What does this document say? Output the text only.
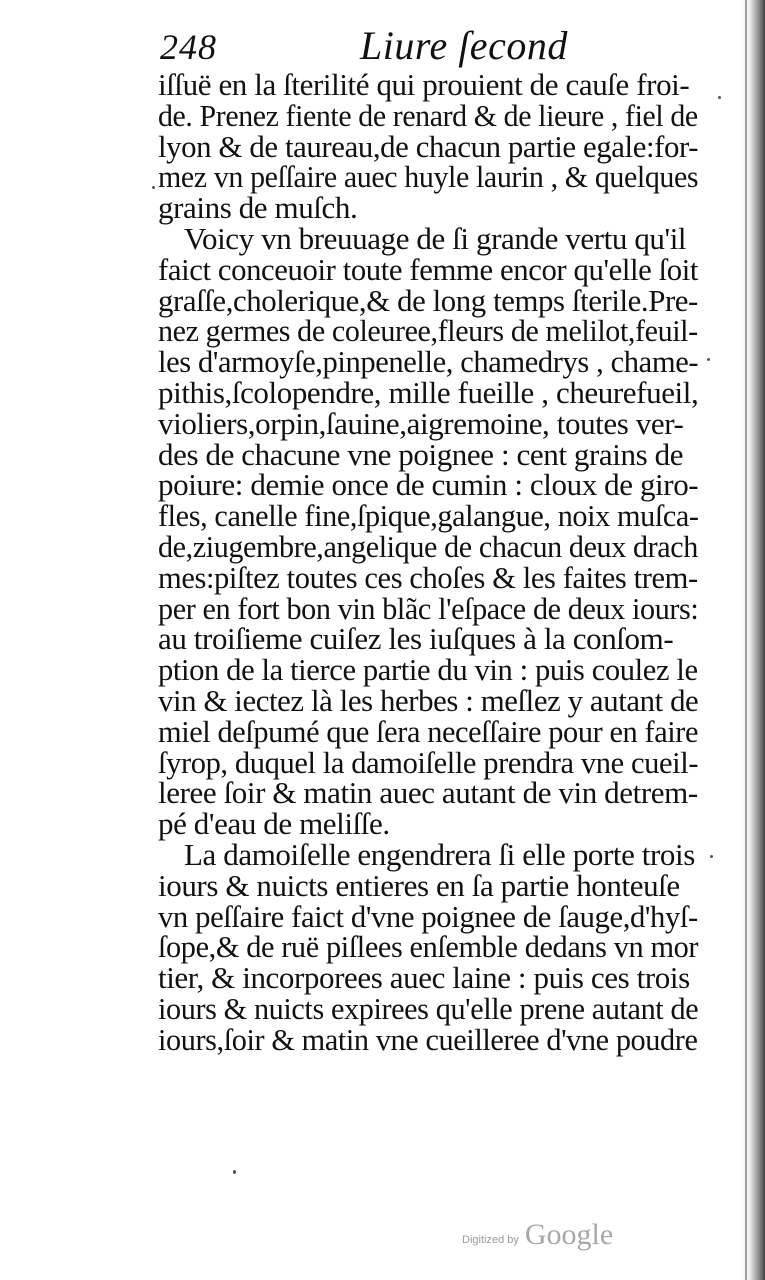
248	Liure ſecond
iſſuë en la ſterilité qui prouient de cauſe froi-
de. Prenez fiente de renard & de lieure , fiel de
lyon & de taureau,de chacun partie egale:for-
mez vn peſſaire auec huyle laurin , & quelques
grains de muſch.
Voicy vn breuuage de ſi grande vertu qu'il
faict conceuoir toute femme encor qu'elle ſoit
graſſe,cholerique,& de long temps ſterile.Pre-
nez germes de coleuree,fleurs de melilot,feuil-
les d'armoyſe,pinpenelle, chamedrys , chame-
pithis,ſcolopendre, mille fueille , cheurefueil,
violiers,orpin,ſauine,aigremoine, toutes ver-
des de chacune vne poignee : cent grains de
poiure: demie once de cumin : cloux de giro-
fles, canelle fine,ſpique,galangue, noix muſca-
de,ziugembre,angelique de chacun deux drach
mes:piſtez toutes ces choſes & les faites trem-
per en fort bon vin blãc l'eſpace de deux iours:
au troiſieme cuiſez les iuſques à la conſom-
ption de la tierce partie du vin : puis coulez le
vin & iectez là les herbes : meſlez y autant de
miel deſpumé que ſera neceſſaire pour en faire
ſyrop, duquel la damoiſelle prendra vne cueil-
leree ſoir & matin auec autant de vin detrem-
pé d'eau de meliſſe.
La damoiſelle engendrera ſi elle porte trois
iours & nuicts entieres en ſa partie honteuſe
vn peſſaire faict d'vne poignee de ſauge,d'hyſ-
ſope,& de ruë piſlees enſemble dedans vn mor
tier, & incorporees auec laine : puis ces trois
iours & nuicts expirees qu'elle prene autant de
iours,ſoir & matin vne cueilleree d'vne poudre
Digitized by Google
